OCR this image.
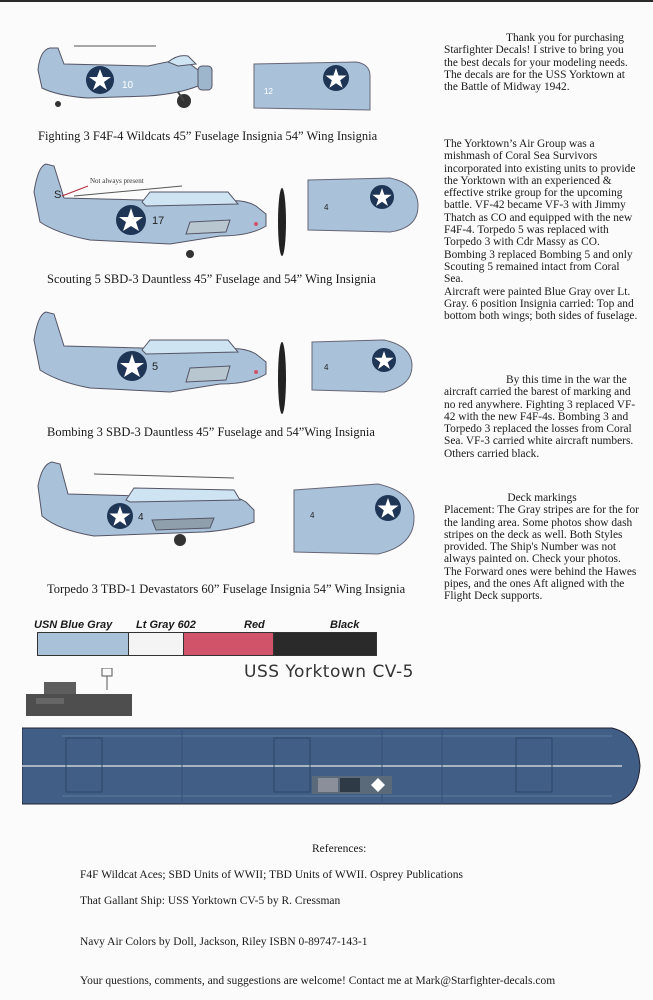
10
12
Fighting 3 F4F-4 Wildcats 45” Fuselage Insignia 54” Wing Insignia
17
S
Not always present
4
Scouting 5 SBD-3 Dauntless 45” Fuselage and 54” Wing Insignia
5	4
Bombing 3 SBD-3 Dauntless 45” Fuselage and 54”Wing Insignia
4	4
Torpedo 3 TBD-1 Devastators 60” Fuselage Insignia 54” Wing Insignia

Thank you for purchasing Starfighter Decals! I strive to bring you the best decals for your modeling needs. The decals are for the USS Yorktown at the Battle of Midway 1942.

The Yorktown’s Air Group was a mishmash of Coral Sea Survivors incorporated into existing units to provide the Yorktown with an experienced & effective strike group for the upcoming battle. VF-42 became VF-3 with Jimmy Thatch as CO and equipped with the new F4F-4. Torpedo 5 was replaced with Torpedo 3 with Cdr Massy as CO. Bombing 3 replaced Bombing 5 and only Scouting 5 remained intact from Coral Sea.

Aircraft were painted Blue Gray over Lt. Gray. 6 position Insignia carried: Top and bottom both wings; both sides of fuselage.

By this time in the war the aircraft carried the barest of marking and no red anywhere. Fighting 3 replaced VF-42 with the new F4F-4s. Bombing 3 and Torpedo 3 replaced the losses from Coral Sea. VF-3 carried white aircraft numbers. Others carried black.

Deck markings

Placement: The Gray stripes are for the for the landing area. Some photos show dash stripes on the deck as well. Both Styles provided. The Ship's Number was not always painted on. Check your photos. The Forward ones were behind the Hawes pipes, and the ones Aft aligned with the Flight Deck supports.

USN Blue Gray Lt Gray 602	Red	Black
USS Yorktown CV-5
References:
F4F Wildcat Aces; SBD Units of WWII; TBD Units of WWII. Osprey Publications
That Gallant Ship: USS Yorktown CV-5 by R. Cressman
Navy Air Colors by Doll, Jackson, Riley ISBN 0-89747-143-1
Your questions, comments, and suggestions are welcome! Contact me at Mark@Starfighter-decals.com
